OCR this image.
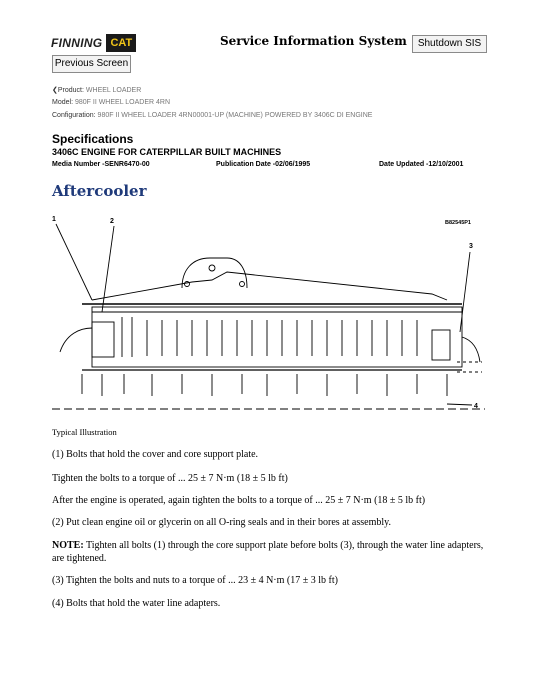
FINNING CAT	Service Information System	Shutdown SIS
Previous Screen
❮Product: WHEEL LOADER
Model: 980F II WHEEL LOADER 4RN
Configuration: 980F II WHEEL LOADER 4RN00001-UP (MACHINE) POWERED BY 3406C DI ENGINE
Specifications
3406C ENGINE FOR CATERPILLAR BUILT MACHINES
Media Number -SENR6470-00	Publication Date -02/06/1995	Date Updated -12/10/2001
Aftercooler
1	2
3
4
B82545P1
Typical Illustration
(1) Bolts that hold the cover and core support plate.
Tighten the bolts to a torque of ... 25 ± 7 N·m (18 ± 5 lb ft)
After the engine is operated, again tighten the bolts to a torque of ... 25 ± 7 N·m (18 ± 5 lb ft)
(2) Put clean engine oil or glycerin on all O-ring seals and in their bores at assembly.
NOTE: Tighten all bolts (1) through the core support plate before bolts (3), through the water line adapters, are tightened.
(3) Tighten the bolts and nuts to a torque of ... 23 ± 4 N·m (17 ± 3 lb ft)
(4) Bolts that hold the water line adapters.
